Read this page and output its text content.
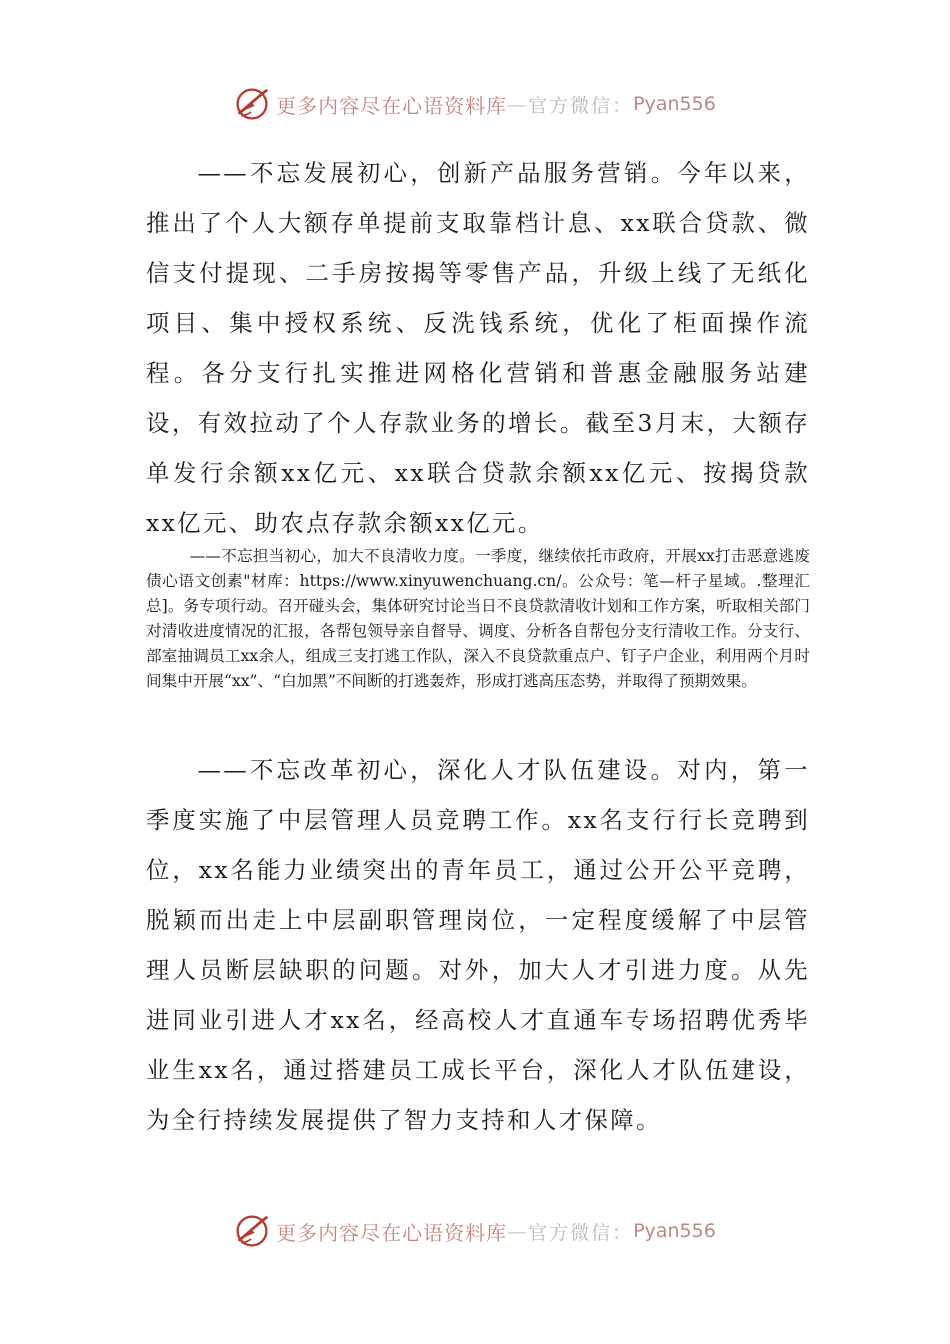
更多内容尽在心语资料库 — 官方微信： Pyan556

——不忘发展初心，创新产品服务营销。今年以来，推出了个人大额存单提前支取靠档计息、xx联合贷款、微信支付提现、二手房按揭等零售产品，升级上线了无纸化项目、集中授权系统、反洗钱系统，优化了柜面操作流程。各分支行扎实推进网格化营销和普惠金融服务站建设，有效拉动了个人存款业务的增长。截至3月末，大额存单发行余额xx亿元、xx联合贷款余额xx亿元、按揭贷款xx亿元、助农点存款余额xx亿元。

——不忘担当初心，加大不良清收力度。一季度，继续依托市政府，开展xx打击恶意逃废债心语文创素"材库：https://www.xinyuwenchuang.cn/。公众号：笔—杆子星域。.整理汇总]。务专项行动。召开碰头会，集体研究讨论当日不良贷款清收计划和工作方案，听取相关部门对清收进度情况的汇报，各帮包领导亲自督导、调度、分析各自帮包分支行清收工作。分支行、部室抽调员工xx余人，组成三支打逃工作队，深入不良贷款重点户、钉子户企业，利用两个月时间集中开展“xx”、“白加黑”不间断的打逃轰炸，形成打逃高压态势，并取得了预期效果。

——不忘改革初心，深化人才队伍建设。对内，第一季度实施了中层管理人员竞聘工作。xx名支行行长竞聘到位，xx名能力业绩突出的青年员工，通过公开公平竞聘，脱颖而出走上中层副职管理岗位，一定程度缓解了中层管理人员断层缺职的问题。对外，加大人才引进力度。从先进同业引进人才xx名，经高校人才直通车专场招聘优秀毕业生xx名，通过搭建员工成长平台，深化人才队伍建设，为全行持续发展提供了智力支持和人才保障。

更多内容尽在心语资料库 — 官方微信： Pyan556
